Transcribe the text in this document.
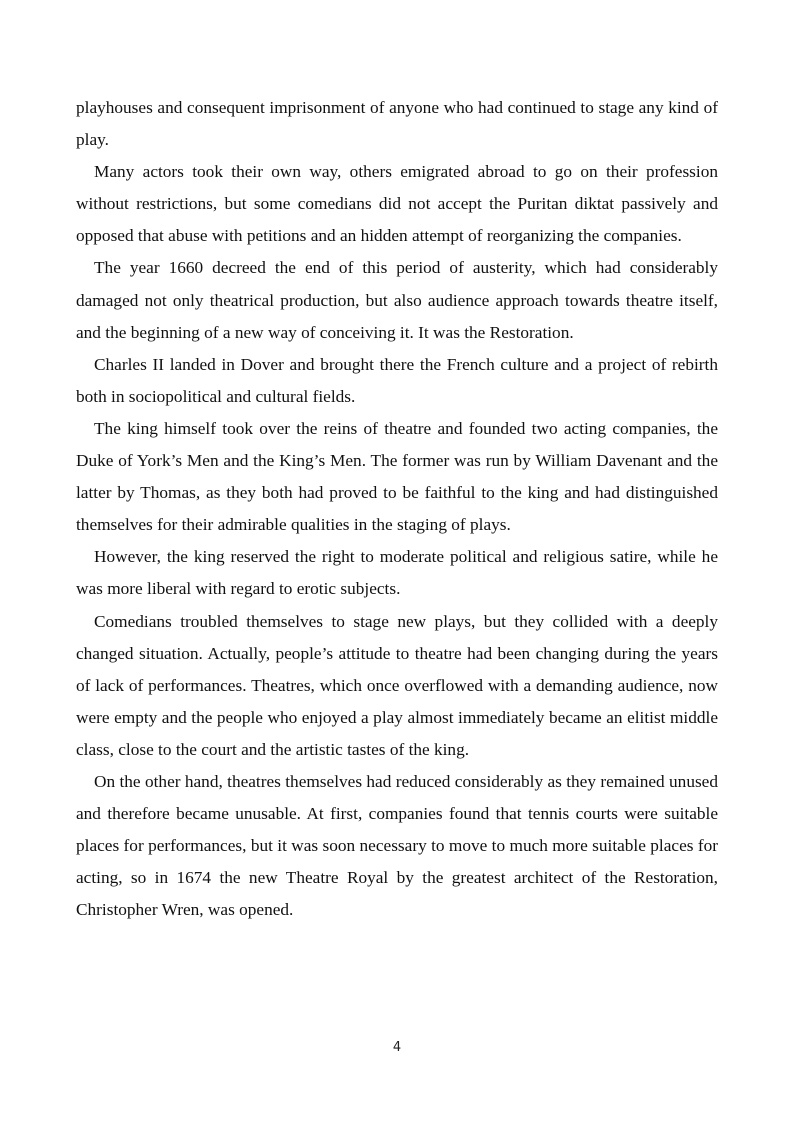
playhouses and consequent imprisonment of anyone who had continued to stage any kind of play.

Many actors took their own way, others emigrated abroad to go on their profession without restrictions, but some comedians did not accept the Puritan diktat passively and opposed that abuse with petitions and an hidden attempt of reorganizing the companies.

The year 1660 decreed the end of this period of austerity, which had considerably damaged not only theatrical production, but also audience approach towards theatre itself, and the beginning of a new way of conceiving it. It was the Restoration.

Charles II landed in Dover and brought there the French culture and a project of rebirth both in sociopolitical and cultural fields.

The king himself took over the reins of theatre and founded two acting companies, the Duke of York’s Men and the King’s Men. The former was run by William Davenant and the latter by Thomas, as they both had proved to be faithful to the king and had distinguished themselves for their admirable qualities in the staging of plays.

However, the king reserved the right to moderate political and religious satire, while he was more liberal with regard to erotic subjects.

Comedians troubled themselves to stage new plays, but they collided with a deeply changed situation. Actually, people’s attitude to theatre had been changing during the years of lack of performances. Theatres, which once overflowed with a demanding audience, now were empty and the people who enjoyed a play almost immediately became an elitist middle class, close to the court and the artistic tastes of the king.

On the other hand, theatres themselves had reduced considerably as they remained unused and therefore became unusable. At first, companies found that tennis courts were suitable places for performances, but it was soon necessary to move to much more suitable places for acting, so in 1674 the new Theatre Royal by the greatest architect of the Restoration, Christopher Wren, was opened.

4
